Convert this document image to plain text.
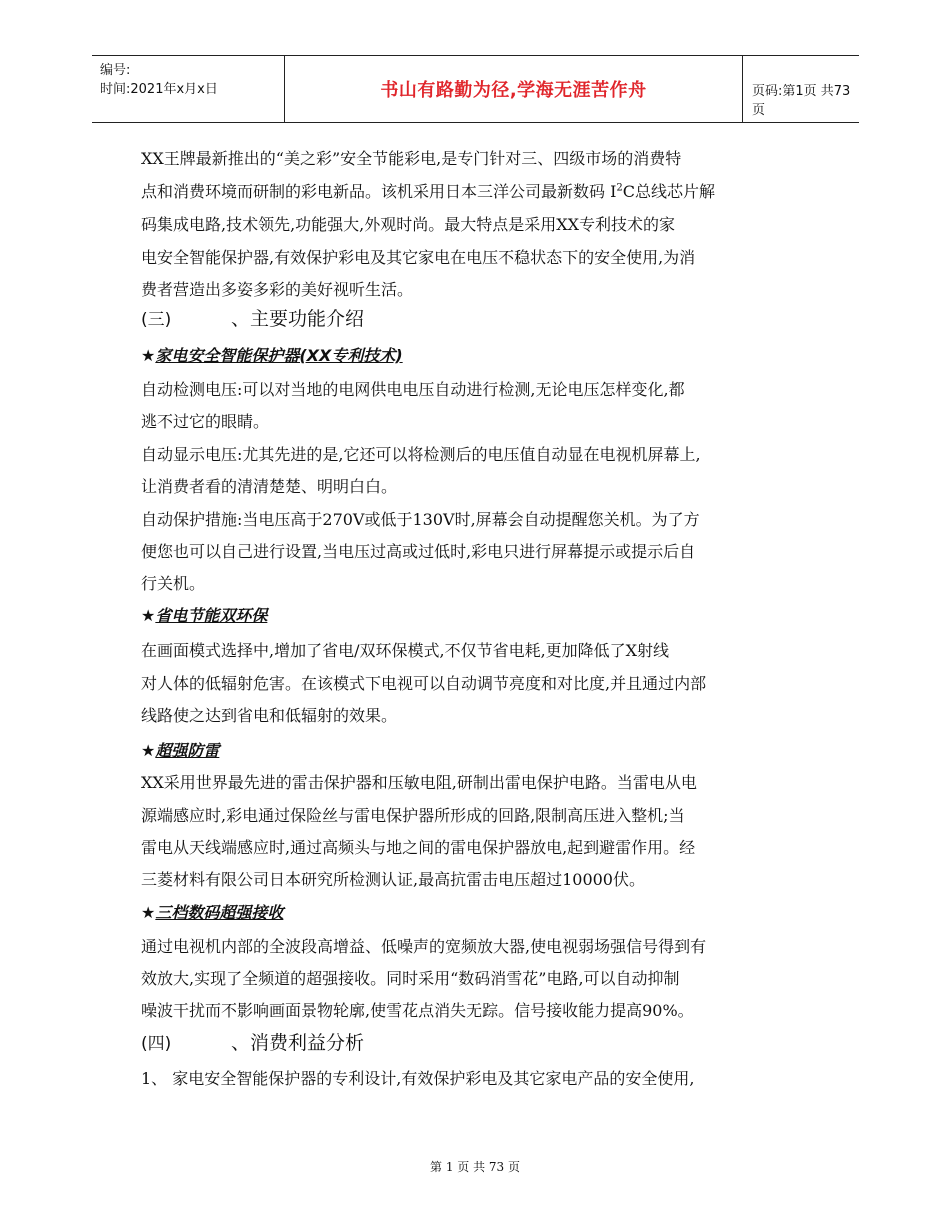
编号:
时间:2021年x月x日	书山有路勤为径,学海无涯苦作舟	页码:第1页 共73页
XX王牌最新推出的“美之彩”安全节能彩电,是专门针对三、四级市场的消费特
点和消费环境而研制的彩电新品。该机采用日本三洋公司最新数码 $I^2C$总线芯片解
码集成电路,技术领先,功能强大,外观时尚。最大特点是采用XX专利技术的家
电安全智能保护器,有效保护彩电及其它家电在电压不稳状态下的安全使用,为消
费者营造出多姿多彩的美好视听生活。
(三)	、主要功能介绍
★家电安全智能保护器(XX专利技术)
自动检测电压:可以对当地的电网供电电压自动进行检测,无论电压怎样变化,都
逃不过它的眼睛。
自动显示电压:尤其先进的是,它还可以将检测后的电压值自动显在电视机屏幕上,
让消费者看的清清楚楚、明明白白。
自动保护措施:当电压高于270V或低于130V时,屏幕会自动提醒您关机。为了方
便您也可以自己进行设置,当电压过高或过低时,彩电只进行屏幕提示或提示后自
行关机。
★省电节能双环保
在画面模式选择中,增加了省电/双环保模式,不仅节省电耗,更加降低了X射线
对人体的低辐射危害。在该模式下电视可以自动调节亮度和对比度,并且通过内部
线路使之达到省电和低辐射的效果。
★超强防雷
XX采用世界最先进的雷击保护器和压敏电阻,研制出雷电保护电路。当雷电从电
源端感应时,彩电通过保险丝与雷电保护器所形成的回路,限制高压进入整机;当
雷电从天线端感应时,通过高频头与地之间的雷电保护器放电,起到避雷作用。经
三菱材料有限公司日本研究所检测认证,最高抗雷击电压超过10000伏。
★三档数码超强接收
通过电视机内部的全波段高增益、低噪声的宽频放大器,使电视弱场强信号得到有
效放大,实现了全频道的超强接收。同时采用“数码消雪花”电路,可以自动抑制
噪波干扰而不影响画面景物轮廓,使雪花点消失无踪。信号接收能力提高90%。
(四)	、消费利益分析
1、 家电安全智能保护器的专利设计,有效保护彩电及其它家电产品的安全使用,
第 1 页 共 73 页
